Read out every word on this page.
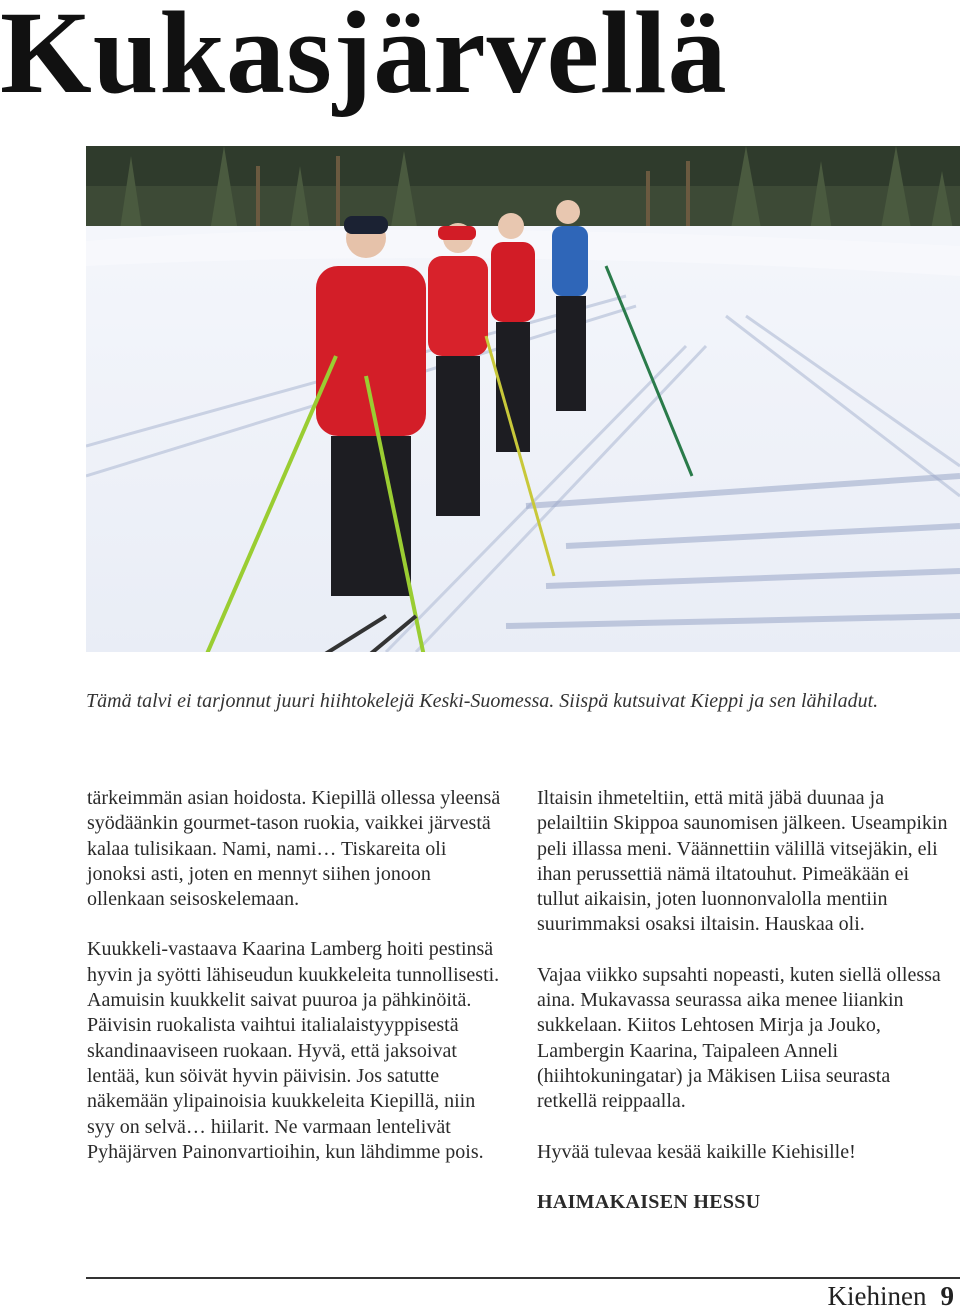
Kukasjärvellä

Tämä talvi ei tarjonnut juuri hiihtokelejä Keski-Suomessa. Siispä kutsuivat Kieppi ja sen lähiladut.

tärkeimmän asian hoidosta. Kiepillä ollessa yleensä syödäänkin gourmet-tason ruokia, vaikkei järvestä kalaa tulisikaan. Nami, nami… Tiskareita oli jonoksi asti, joten en mennyt siihen jonoon ollenkaan seisoskelemaan.

Kuukkeli-vastaava Kaarina Lamberg hoiti pestinsä hyvin ja syötti lähiseudun kuukkeleita tunnollisesti. Aamuisin kuukkelit saivat puuroa ja pähkinöitä. Päivisin ruokalista vaihtui italialaistyyppisestä skandinaaviseen ruokaan. Hyvä, että jaksoivat lentää, kun söivät hyvin päivisin. Jos satutte näkemään ylipainoisia kuukkeleita Kiepillä, niin syy on selvä… hiilarit. Ne varmaan lentelivät Pyhäjärven Painonvartioihin, kun lähdimme pois.

Iltaisin ihmeteltiin, että mitä jäbä duunaa ja pelailtiin Skippoa saunomisen jälkeen. Useampikin peli illassa meni. Väännettiin välillä vitsejäkin, eli ihan perussettiä nämä iltatouhut. Pimeäkään ei tullut aikaisin, joten luonnonvalolla mentiin suurimmaksi osaksi iltaisin. Hauskaa oli.

Vajaa viikko supsahti nopeasti, kuten siellä ollessa aina. Mukavassa seurassa aika menee liiankin sukkelaan. Kiitos Lehtosen Mirja ja Jouko, Lambergin Kaarina, Taipaleen Anneli (hiihtokuningatar) ja Mäkisen Liisa seurasta retkellä reippaalla.

Hyvää tulevaa kesää kaikille Kiehisille!

HAIMAKAISEN HESSU

Kiehinen 9
